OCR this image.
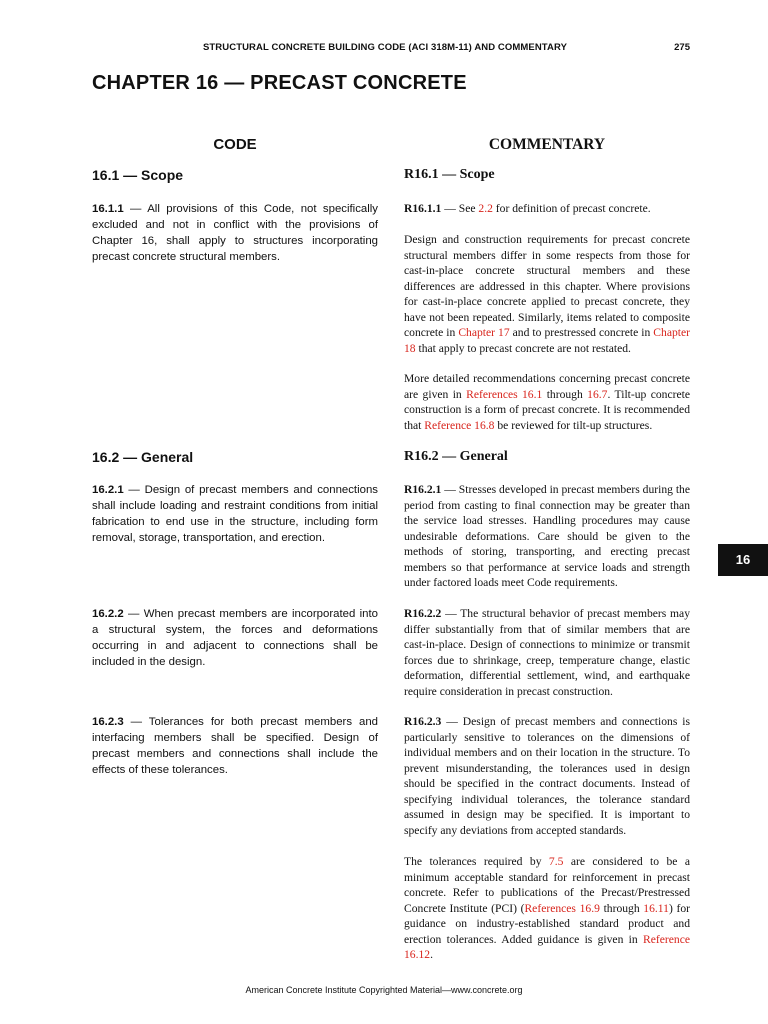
STRUCTURAL CONCRETE BUILDING CODE (ACI 318M-11) AND COMMENTARY	275
CHAPTER 16 — PRECAST CONCRETE
CODE	COMMENTARY
16.1 — Scope	R16.1 — Scope

16.1.1 — All provisions of this Code, not specifically excluded and not in conflict with the provisions of Chapter 16, shall apply to structures incorporating precast concrete structural members.

R16.1.1 — See 2.2 for definition of precast concrete.

Design and construction requirements for precast concrete structural members differ in some respects from those for cast-in-place concrete structural members and these differences are addressed in this chapter. Where provisions for cast-in-place concrete applied to precast concrete, they have not been repeated. Similarly, items related to composite concrete in Chapter 17 and to prestressed concrete in Chapter 18 that apply to precast concrete are not restated.

More detailed recommendations concerning precast concrete are given in References 16.1 through 16.7. Tilt-up concrete construction is a form of precast concrete. It is recommended that Reference 16.8 be reviewed for tilt-up structures.

16.2 — General	R16.2 — General

16.2.1 — Design of precast members and connections shall include loading and restraint conditions from initial fabrication to end use in the structure, including form removal, storage, transportation, and erection.

R16.2.1 — Stresses developed in precast members during the period from casting to final connection may be greater than the service load stresses. Handling procedures may cause undesirable deformations. Care should be given to the methods of storing, transporting, and erecting precast members so that performance at service loads and strength under factored loads meet Code requirements.

16.2.2 — When precast members are incorporated into a structural system, the forces and deformations occurring in and adjacent to connections shall be included in the design.

R16.2.2 — The structural behavior of precast members may differ substantially from that of similar members that are cast-in-place. Design of connections to minimize or transmit forces due to shrinkage, creep, temperature change, elastic deformation, differential settlement, wind, and earthquake require consideration in precast construction.

16.2.3 — Tolerances for both precast members and interfacing members shall be specified. Design of precast members and connections shall include the effects of these tolerances.

R16.2.3 — Design of precast members and connections is particularly sensitive to tolerances on the dimensions of individual members and on their location in the structure. To prevent misunderstanding, the tolerances used in design should be specified in the contract documents. Instead of specifying individual tolerances, the tolerance standard assumed in design may be specified. It is important to specify any deviations from accepted standards.

The tolerances required by 7.5 are considered to be a minimum acceptable standard for reinforcement in precast concrete. Refer to publications of the Precast/Prestressed Concrete Institute (PCI) (References 16.9 through 16.11) for guidance on industry-established standard product and erection tolerances. Added guidance is given in Reference 16.12.

16
American Concrete Institute Copyrighted Material—www.concrete.org
